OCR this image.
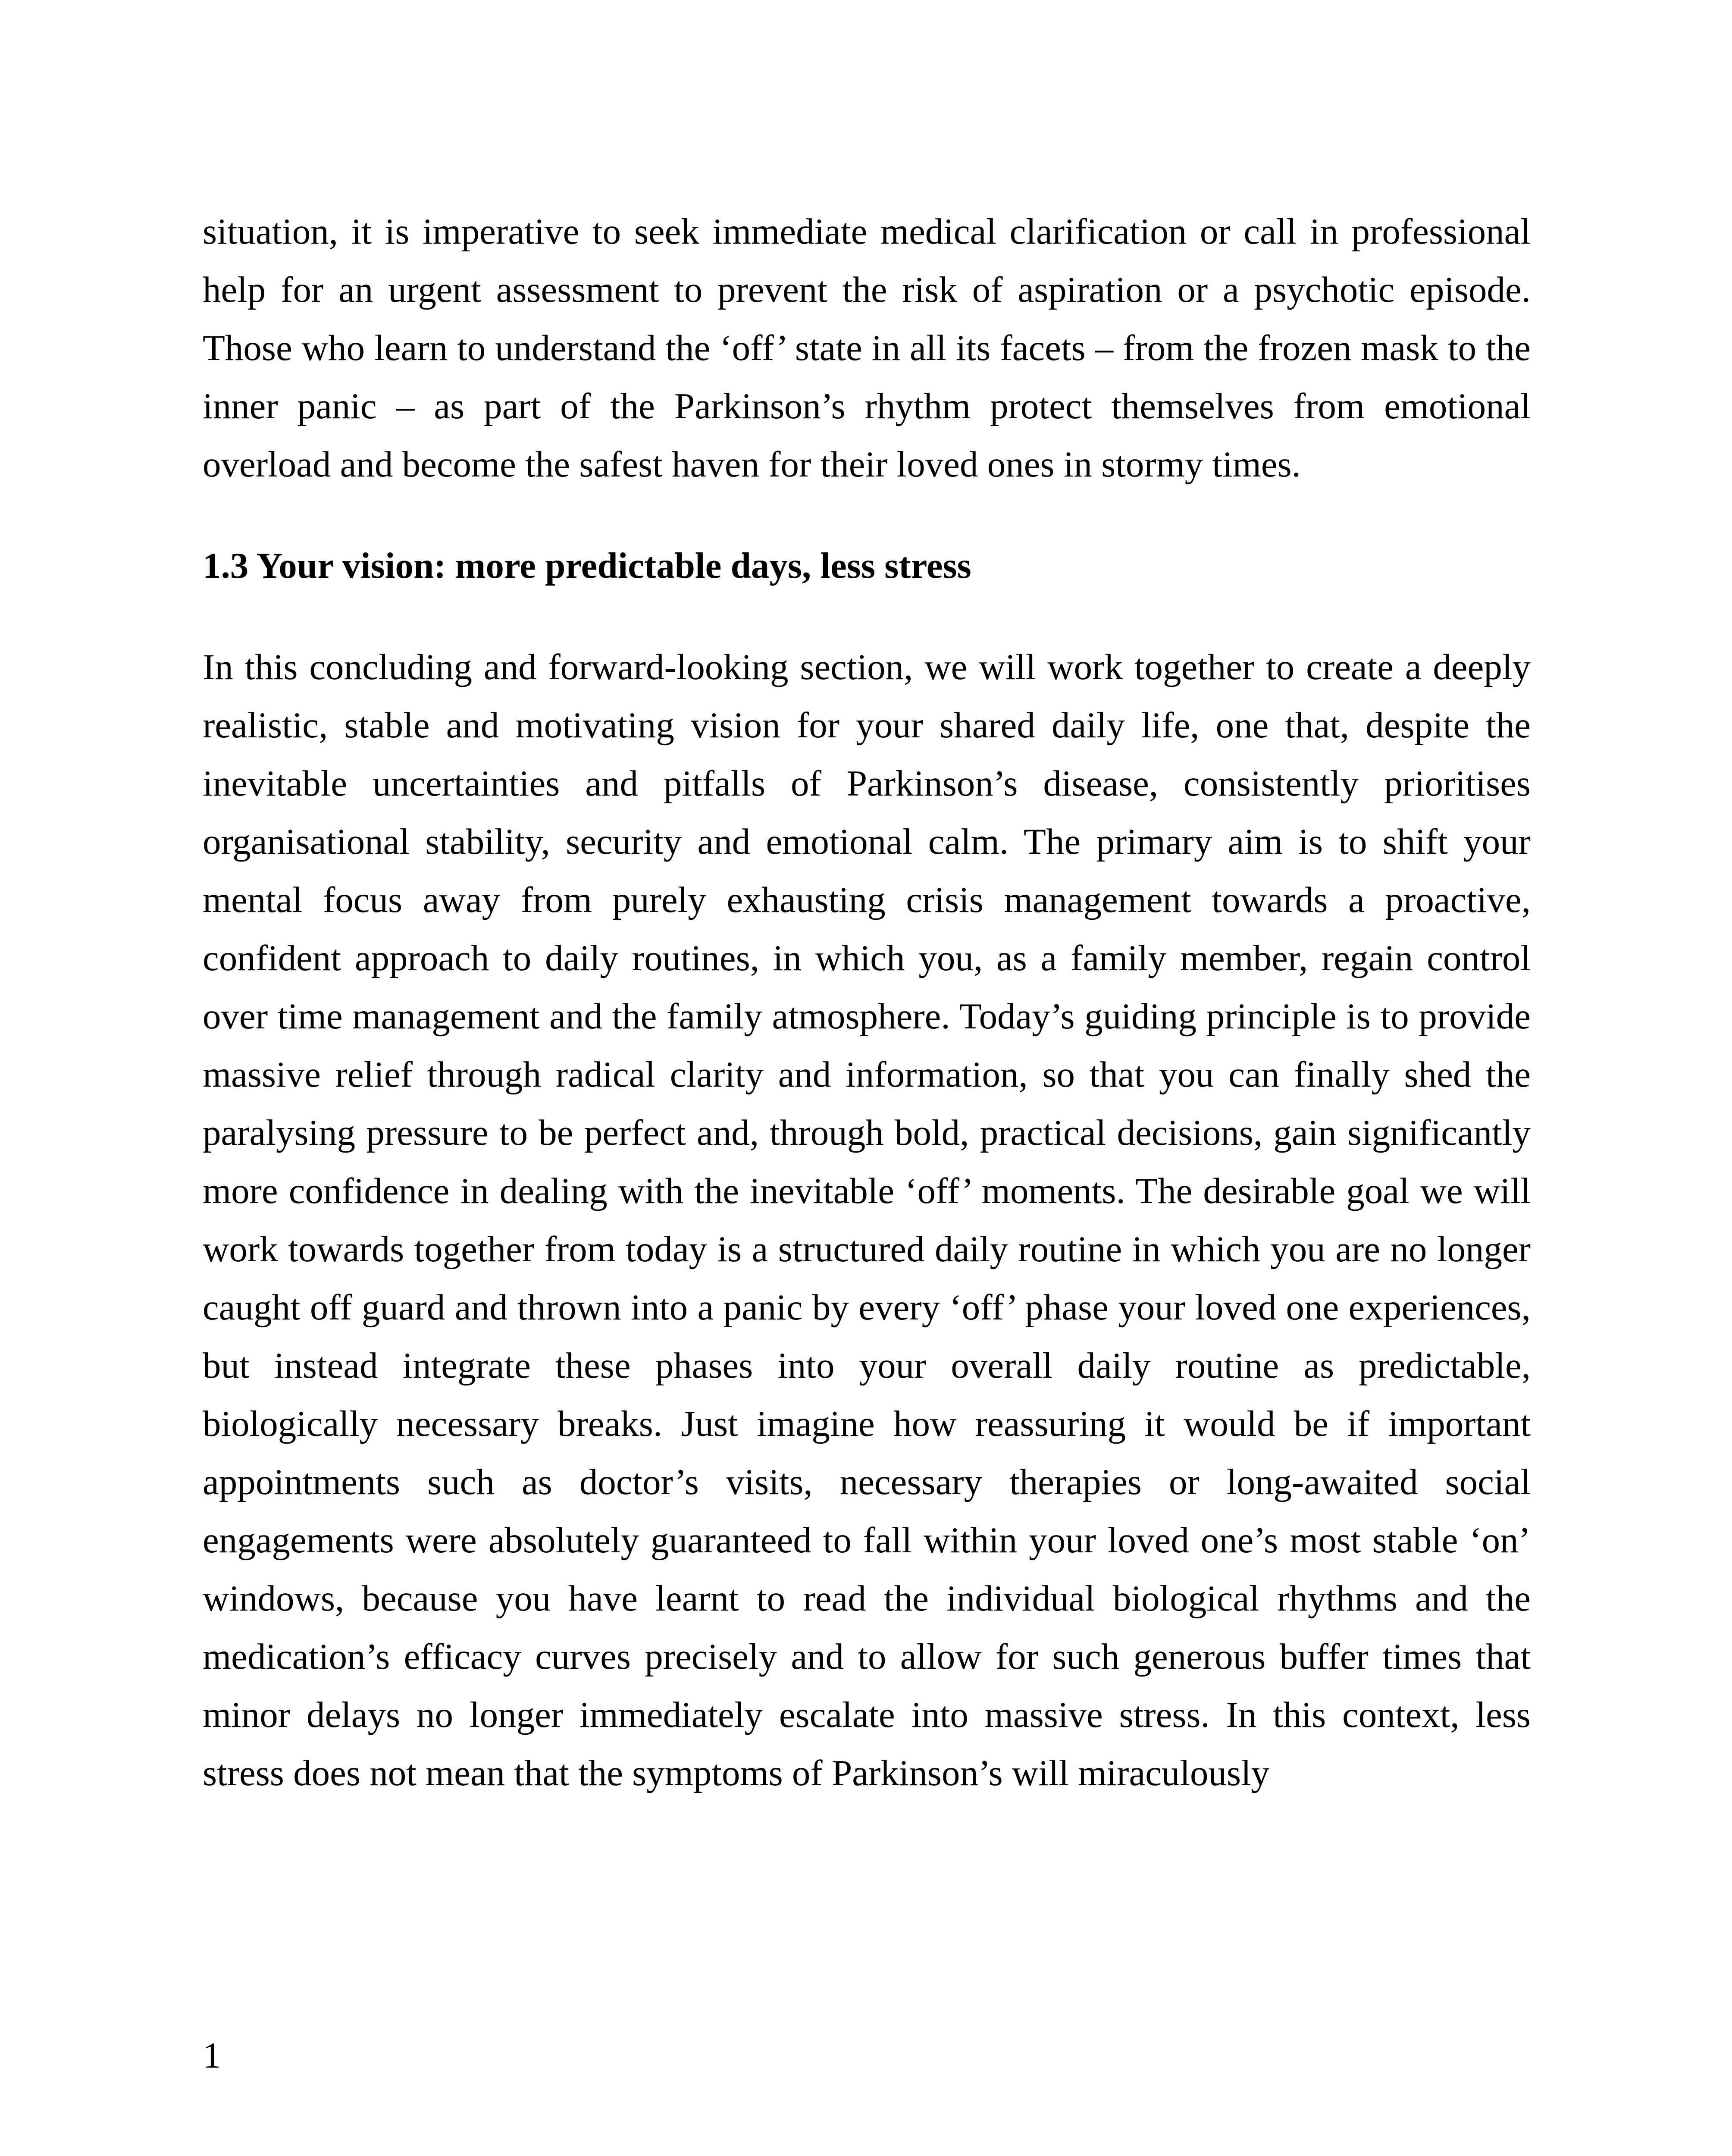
situation, it is imperative to seek immediate medical clarification or call in professional help for an urgent assessment to prevent the risk of aspiration or a psychotic episode. Those who learn to understand the ‘off’ state in all its facets – from the frozen mask to the inner panic – as part of the Parkinson’s rhythm protect themselves from emotional overload and become the safest haven for their loved ones in stormy times.

1.3 Your vision: more predictable days, less stress

In this concluding and forward-looking section, we will work together to create a deeply realistic, stable and motivating vision for your shared daily life, one that, despite the inevitable uncertainties and pitfalls of Parkinson’s disease, consistently prioritises organisational stability, security and emotional calm. The primary aim is to shift your mental focus away from purely exhausting crisis management towards a proactive, confident approach to daily routines, in which you, as a family member, regain control over time management and the family atmosphere. Today’s guiding principle is to provide massive relief through radical clarity and information, so that you can finally shed the paralysing pressure to be perfect and, through bold, practical decisions, gain significantly more confidence in dealing with the inevitable ‘off’ moments. The desirable goal we will work towards together from today is a structured daily routine in which you are no longer caught off guard and thrown into a panic by every ‘off’ phase your loved one experiences, but instead integrate these phases into your overall daily routine as predictable, biologically necessary breaks. Just imagine how reassuring it would be if important appointments such as doctor’s visits, necessary therapies or long-awaited social engagements were absolutely guaranteed to fall within your loved one’s most stable ‘on’ windows, because you have learnt to read the individual biological rhythms and the medication’s efficacy curves precisely and to allow for such generous buffer times that minor delays no longer immediately escalate into massive stress. In this context, less stress does not mean that the symptoms of Parkinson’s will miraculously

1
